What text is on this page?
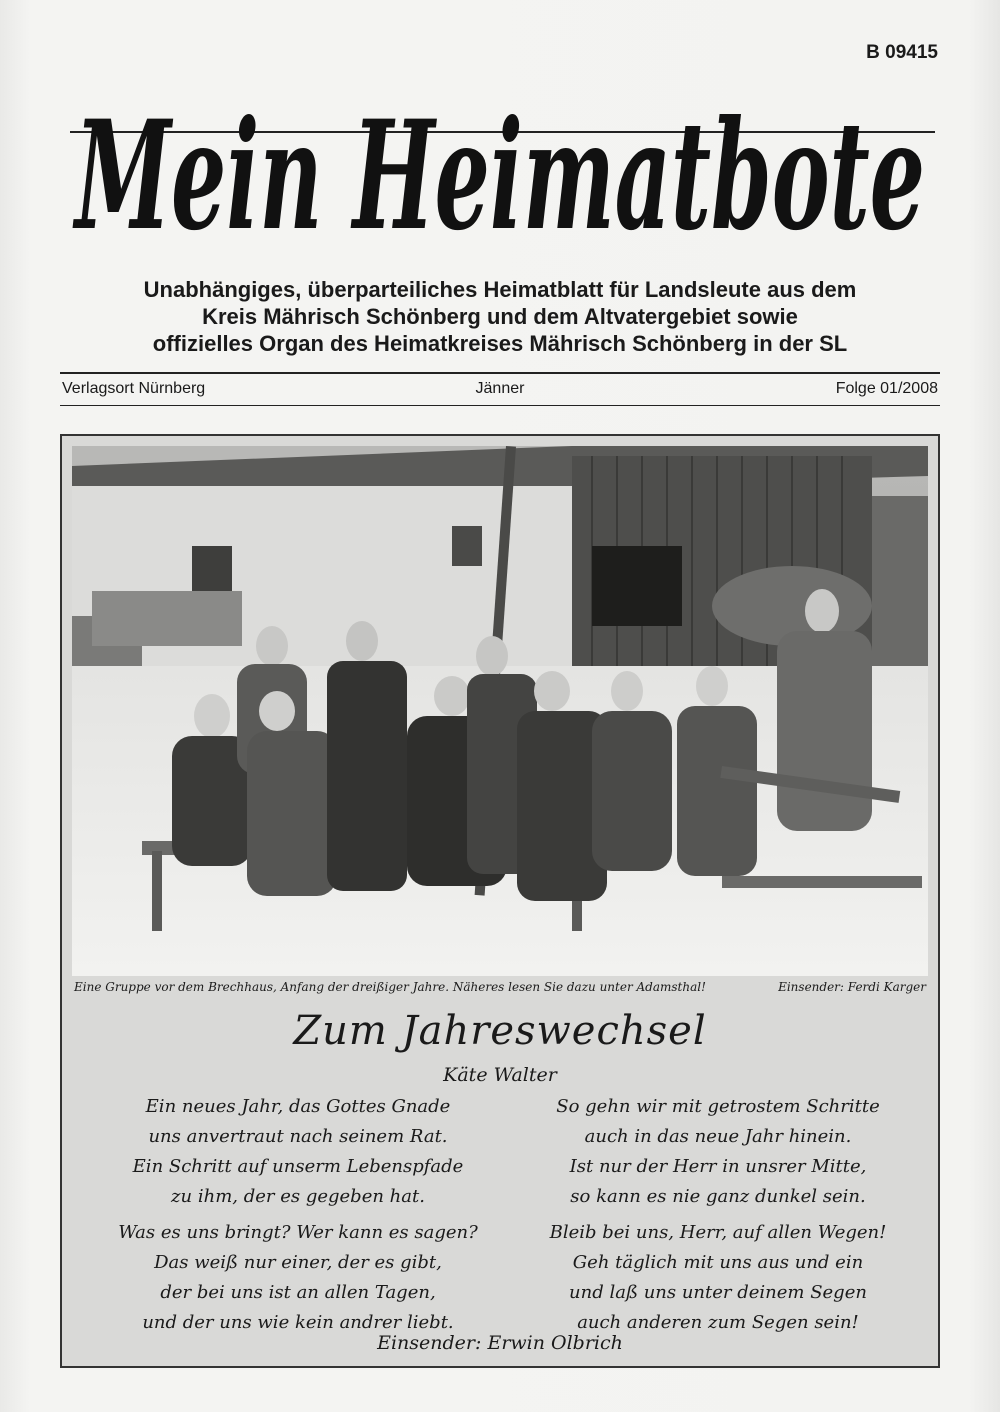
B 09415
Mein Heimatbote
Unabhängiges, überparteiliches Heimatblatt für Landsleute aus dem
Kreis Mährisch Schönberg und dem Altvatergebiet sowie
offizielles Organ des Heimatkreises Mährisch Schönberg in der SL
Jänner
Verlagsort Nürnberg	Folge 01/2008
Eine Gruppe vor dem Brechhaus, Anfang der dreißiger Jahre. Näheres lesen Sie dazu unter Adamsthal!	Einsender: Ferdi Karger
Zum Jahreswechsel
Käte Walter
Ein neues Jahr, das Gottes Gnade
uns anvertraut nach seinem Rat.
Ein Schritt auf unserm Lebenspfade
zu ihm, der es gegeben hat.
Was es uns bringt? Wer kann es sagen?
Das weiß nur einer, der es gibt,
der bei uns ist an allen Tagen,
und der uns wie kein andrer liebt.
So gehn wir mit getrostem Schritte
auch in das neue Jahr hinein.
Ist nur der Herr in unsrer Mitte,
so kann es nie ganz dunkel sein.
Bleib bei uns, Herr, auf allen Wegen!
Geh täglich mit uns aus und ein
und laß uns unter deinem Segen
auch anderen zum Segen sein!
Einsender: Erwin Olbrich
